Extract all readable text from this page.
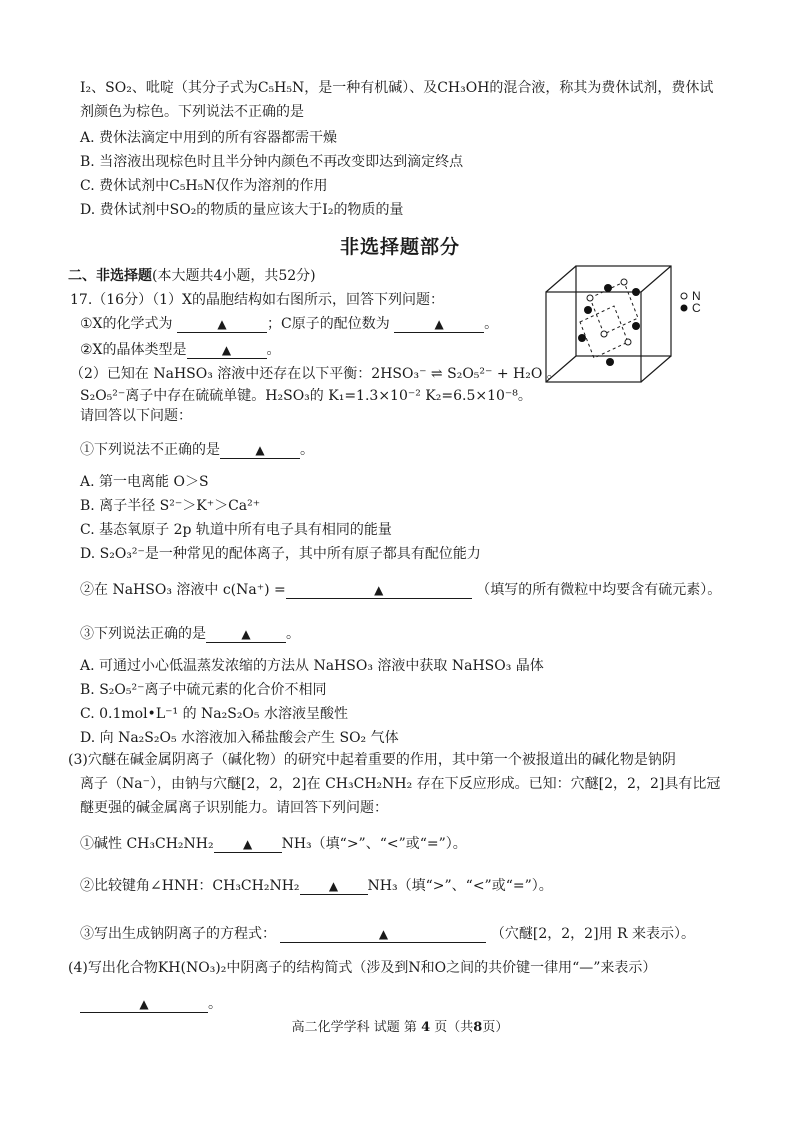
I₂、SO₂、吡啶（其分子式为C₅H₅N，是一种有机碱）、及CH₃OH的混合液，称其为费休试剂，费休试
剂颜色为棕色。下列说法不正确的是
A. 费休法滴定中用到的所有容器都需干燥
B. 当溶液出现棕色时且半分钟内颜色不再改变即达到滴定终点
C. 费休试剂中C₅H₅N仅作为溶剂的作用
D. 费休试剂中SO₂的物质的量应该大于I₂的物质的量
非选择题部分
二、非选择题(本大题共4小题，共52分)
17.（16分）（1）X的晶胞结构如右图所示，回答下列问题：
①X的化学式为	▲	；C原子的配位数为	▲	。
②X的晶体类型是	▲	。
N
C
（2）已知在 NaHSO₃ 溶液中还存在以下平衡：2HSO₃⁻ ⇌ S₂O₅²⁻ + H₂O 。
S₂O₅²⁻离子中存在硫硫单键。H₂SO₃的 K₁=1.3×10⁻² K₂=6.5×10⁻⁸。
请回答以下问题：
①下列说法不正确的是	▲	。
A. 第一电离能 O＞S
B. 离子半径 S²⁻＞K⁺＞Ca²⁺
C. 基态氧原子 2p 轨道中所有电子具有相同的能量
D. S₂O₃²⁻是一种常见的配体离子，其中所有原子都具有配位能力
②在 NaHSO₃ 溶液中 c(Na⁺) =	▲	（填写的所有微粒中均要含有硫元素）。
③下列说法正确的是	▲	。
A. 可通过小心低温蒸发浓缩的方法从 NaHSO₃ 溶液中获取 NaHSO₃ 晶体
B. S₂O₅²⁻离子中硫元素的化合价不相同
C. 0.1mol•L⁻¹ 的 Na₂S₂O₅ 水溶液呈酸性
D. 向 Na₂S₂O₅ 水溶液加入稀盐酸会产生 SO₂ 气体
(3)穴醚在碱金属阴离子（碱化物）的研究中起着重要的作用，其中第一个被报道出的碱化物是钠阴
离子（Na⁻），由钠与穴醚[2，2，2]在 CH₃CH₂NH₂ 存在下反应形成。已知：穴醚[2，2，2]具有比冠
醚更强的碱金属离子识别能力。请回答下列问题：
①碱性 CH₃CH₂NH₂ ▲ NH₃（填“>”、“<”或“=”）。
②比较键角∠HNH：CH₃CH₂NH₂ ▲ NH₃（填“>”、“<”或“=”）。
③写出生成钠阴离子的方程式：	▲	（穴醚[2，2，2]用 R 来表示）。
(4)写出化合物KH(NO₃)₂中阴离子的结构简式（涉及到N和O之间的共价键一律用“—”来表示）
▲	。
高二化学学科 试题 第 4 页（共8页）
